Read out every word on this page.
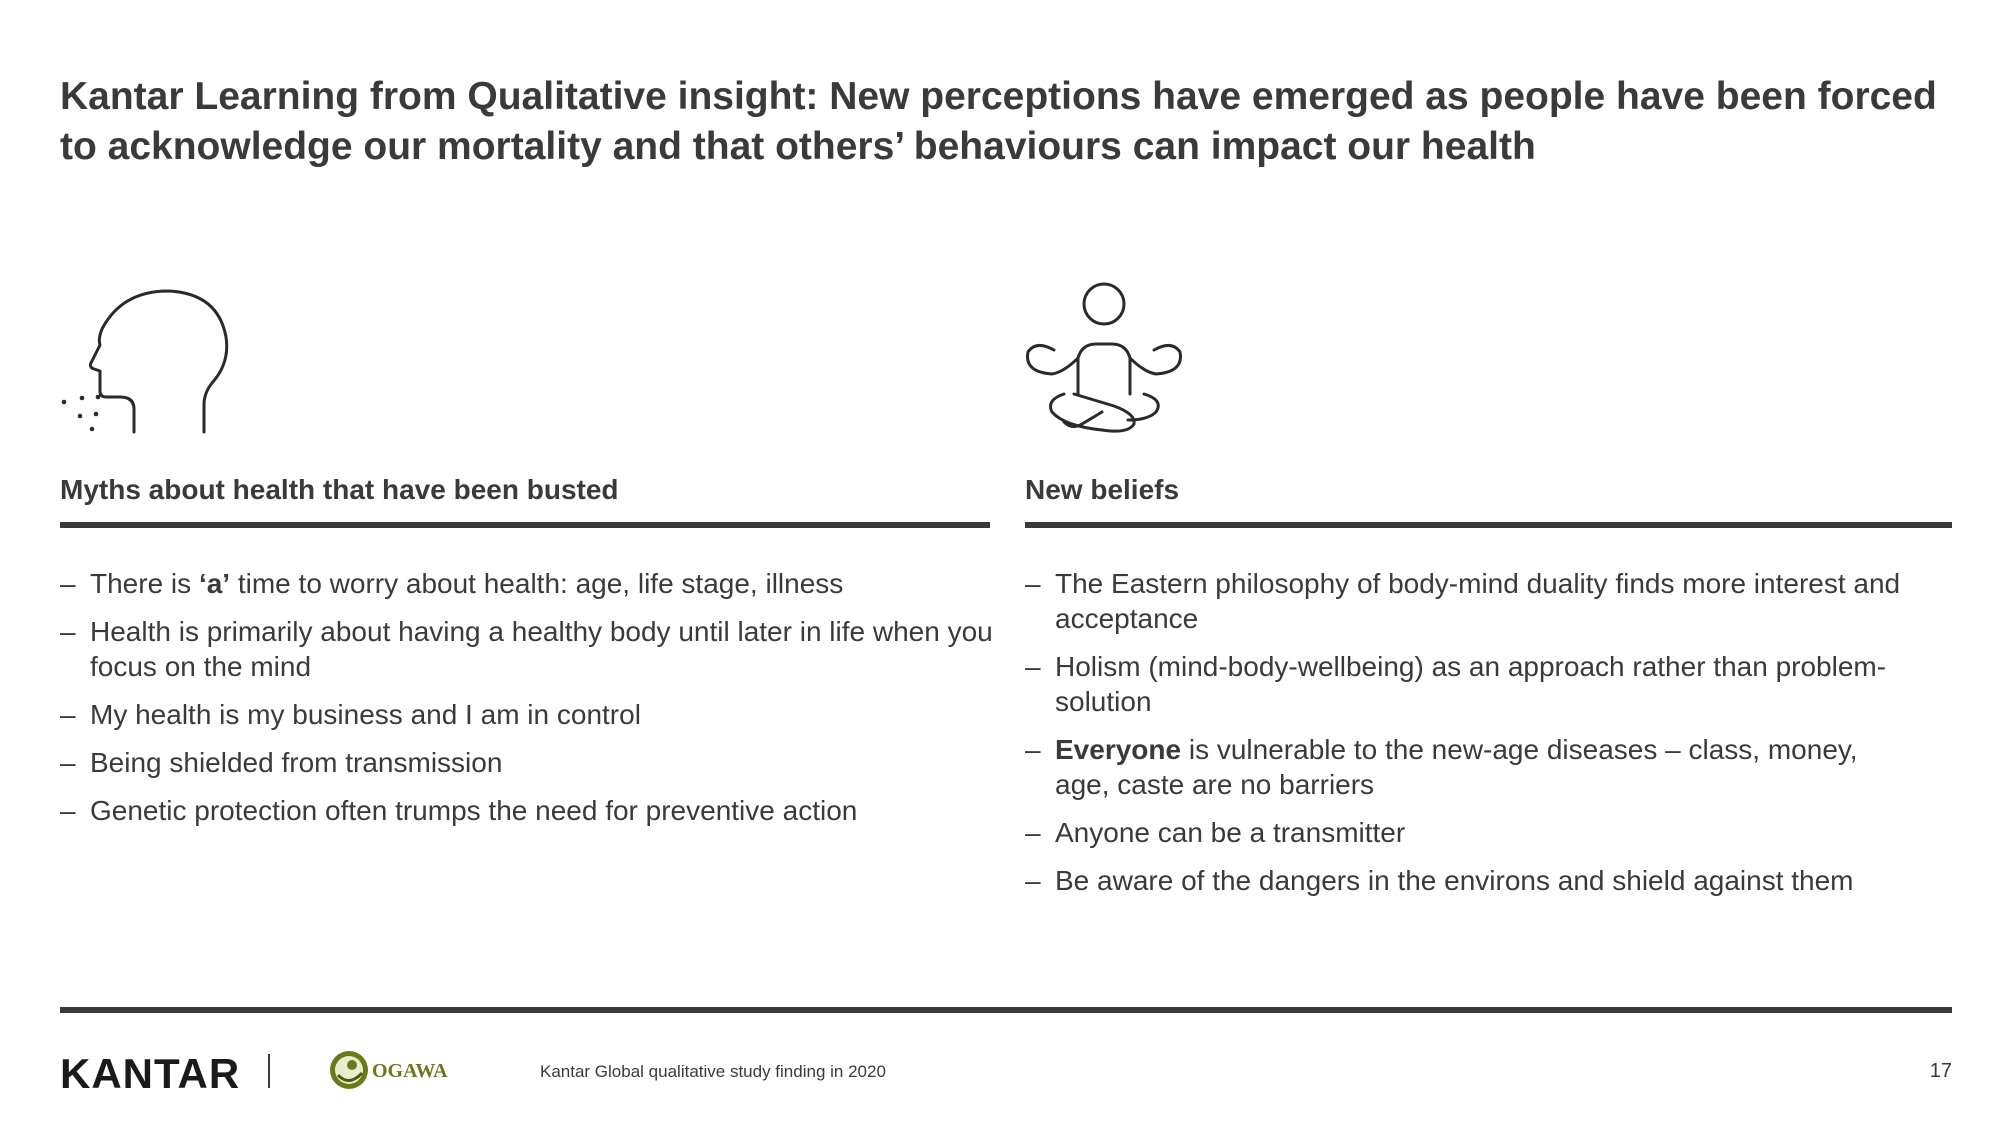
Kantar Learning from Qualitative insight: New perceptions have emerged as people have been forced to acknowledge our mortality and that others’ behaviours can impact our health
Myths about health that have been busted	New beliefs
– There is ‘a’ time to worry about health: age, life stage, illness
– Health is primarily about having a healthy body until later in life when you focus on the mind
– My health is my business and I am in control
– Being shielded from transmission
– Genetic protection often trumps the need for preventive action
– The Eastern philosophy of body-mind duality finds more interest and acceptance
– Holism (mind-body-wellbeing) as an approach rather than problem-solution
– Everyone is vulnerable to the new-age diseases – class, money, age, caste are no barriers
– Anyone can be a transmitter
– Be aware of the dangers in the environs and shield against them
KANTAR	OGAWA	Kantar Global qualitative study finding in 2020	17
